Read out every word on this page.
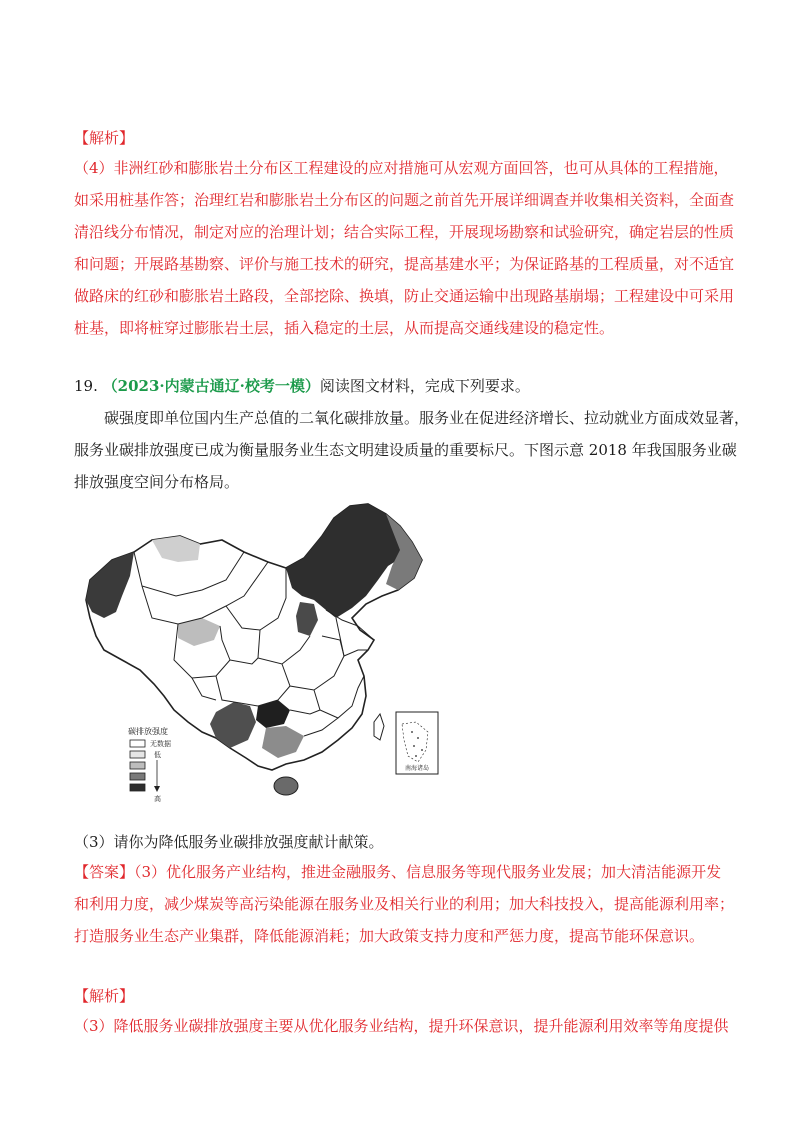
【解析】
（4）非洲红砂和膨胀岩土分布区工程建设的应对措施可从宏观方面回答，也可从具体的工程措施，
如采用桩基作答；治理红岩和膨胀岩土分布区的问题之前首先开展详细调查并收集相关资料，全面查
清沿线分布情况，制定对应的治理计划；结合实际工程，开展现场勘察和试验研究，确定岩层的性质
和问题；开展路基勘察、评价与施工技术的研究，提高基建水平；为保证路基的工程质量，对不适宜
做路床的红砂和膨胀岩土路段，全部挖除、换填，防止交通运输中出现路基崩塌；工程建设中可采用
桩基，即将桩穿过膨胀岩土层，插入稳定的土层，从而提高交通线建设的稳定性。
19. （2023·内蒙古通辽·校考一模）阅读图文材料，完成下列要求。
碳强度即单位国内生产总值的二氧化碳排放量。服务业在促进经济增长、拉动就业方面成效显著，
服务业碳排放强度已成为衡量服务业生态文明建设质量的重要标尺。下图示意 2018 年我国服务业碳
排放强度空间分布格局。
南海诸岛
碳排放强度
无数据
低
高
（3）请你为降低服务业碳排放强度献计献策。
【答案】（3）优化服务产业结构，推进金融服务、信息服务等现代服务业发展；加大清洁能源开发
和利用力度，减少煤炭等高污染能源在服务业及相关行业的利用；加大科技投入，提高能源利用率；
打造服务业生态产业集群，降低能源消耗；加大政策支持力度和严惩力度，提高节能环保意识。
【解析】
（3）降低服务业碳排放强度主要从优化服务业结构，提升环保意识，提升能源利用效率等角度提供
